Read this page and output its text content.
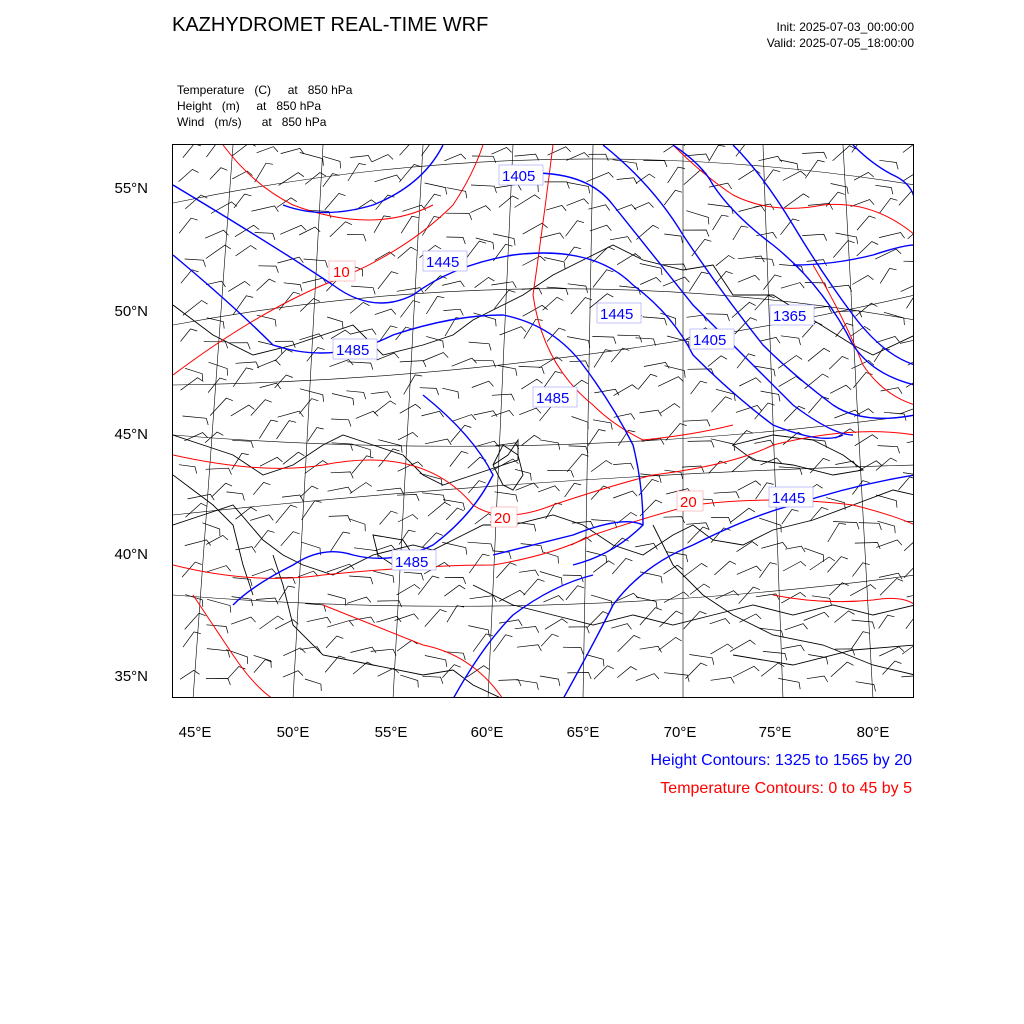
KAZHYDROMET REAL-TIME WRF	Init: 2025-07-03_00:00:00
Valid: 2025-07-05_18:00:00
Temperature (C) at   850 hPa
Height (m) at   850 hPa
Wind (m/s) at   850 hPa
1405
1445
1445
1485
1485
1405
1365
1485
1445
10
20
20
55°N
50°N
45°N
40°N
35°N
45°E	50°E	55°E	60°E	65°E	70°E	75°E	80°E
Height Contours: 1325 to 1565 by 20
Temperature Contours: 0 to 45 by 5
